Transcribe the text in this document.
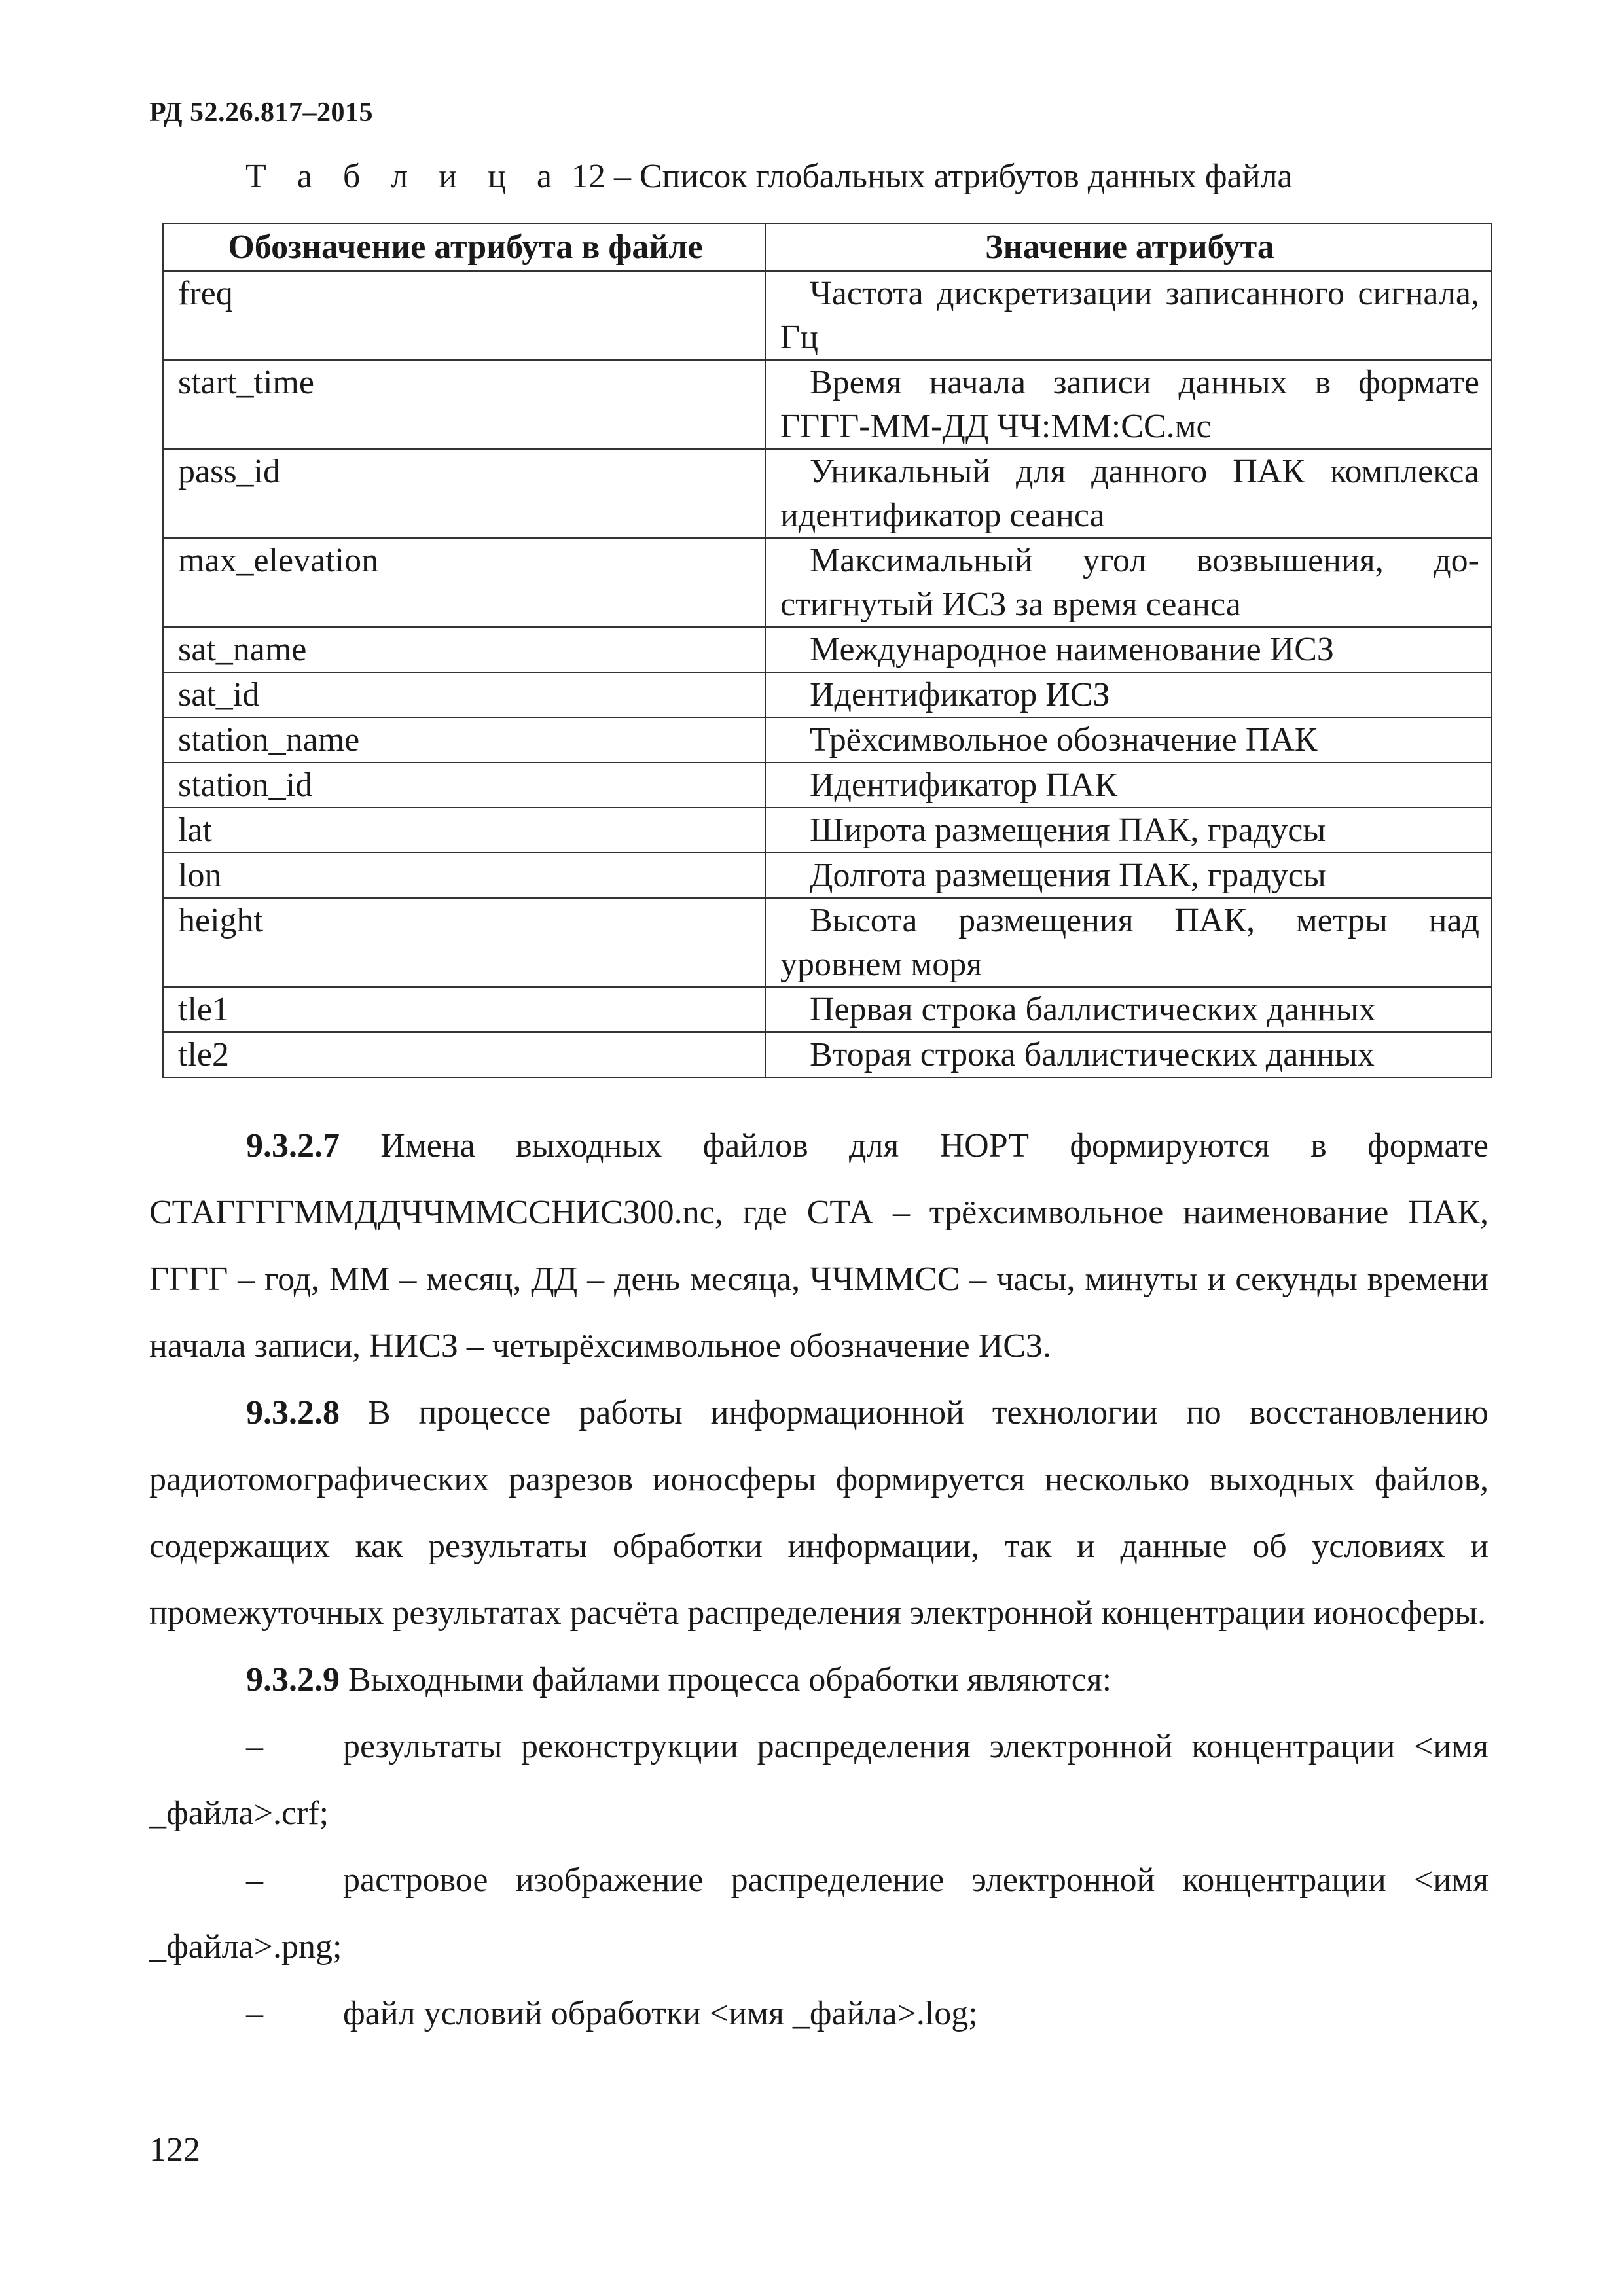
РД 52.26.817–2015
Т а б л и ц а 12 – Список глобальных атрибутов данных файла
Обозначение атрибута в файле	Значение атрибута
freq	Частота дискретизации записанного сигнала, Гц
start_time	Время начала записи данных в формате ГГГГ-ММ-ДД ЧЧ:ММ:СС.мс
pass_id	Уникальный для данного ПАК комплекса идентификатор сеанса
max_elevation	Максимальный угол возвышения, достигнутый ИСЗ за время сеанса
sat_name	Международное наименование ИСЗ
sat_id	Идентификатор ИСЗ
station_name	Трёхсимвольное обозначение ПАК
station_id	Идентификатор ПАК
lat	Широта размещения ПАК, градусы
lon	Долгота размещения ПАК, градусы
height	Высота размещения ПАК, метры над уровнем моря
tle1	Первая строка баллистических данных
tle2	Вторая строка баллистических данных

9.3.2.7 Имена выходных файлов для НОРТ формируются в формате СТАГГГГММДДЧЧММССНИСЗ00.nc, где СТА – трёхсимвольное наименование ПАК, ГГГГ – год, ММ – месяц, ДД – день месяца, ЧЧММСС – часы, минуты и секунды времени начала записи, НИСЗ – четырёхсимвольное обозначение ИСЗ.

9.3.2.8 В процессе работы информационной технологии по восстановлению радиотомографических разрезов ионосферы формируется несколько выходных файлов, содержащих как результаты обработки информации, так и данные об условиях и промежуточных результатах расчёта распределения электронной концентрации ионосферы.

9.3.2.9 Выходными файлами процесса обработки являются:

– результаты реконструкции распределения электронной концентрации <имя _файла>.crf;

– растровое изображение распределение электронной концентрации <имя _файла>.png;

– файл условий обработки <имя _файла>.log;

122
